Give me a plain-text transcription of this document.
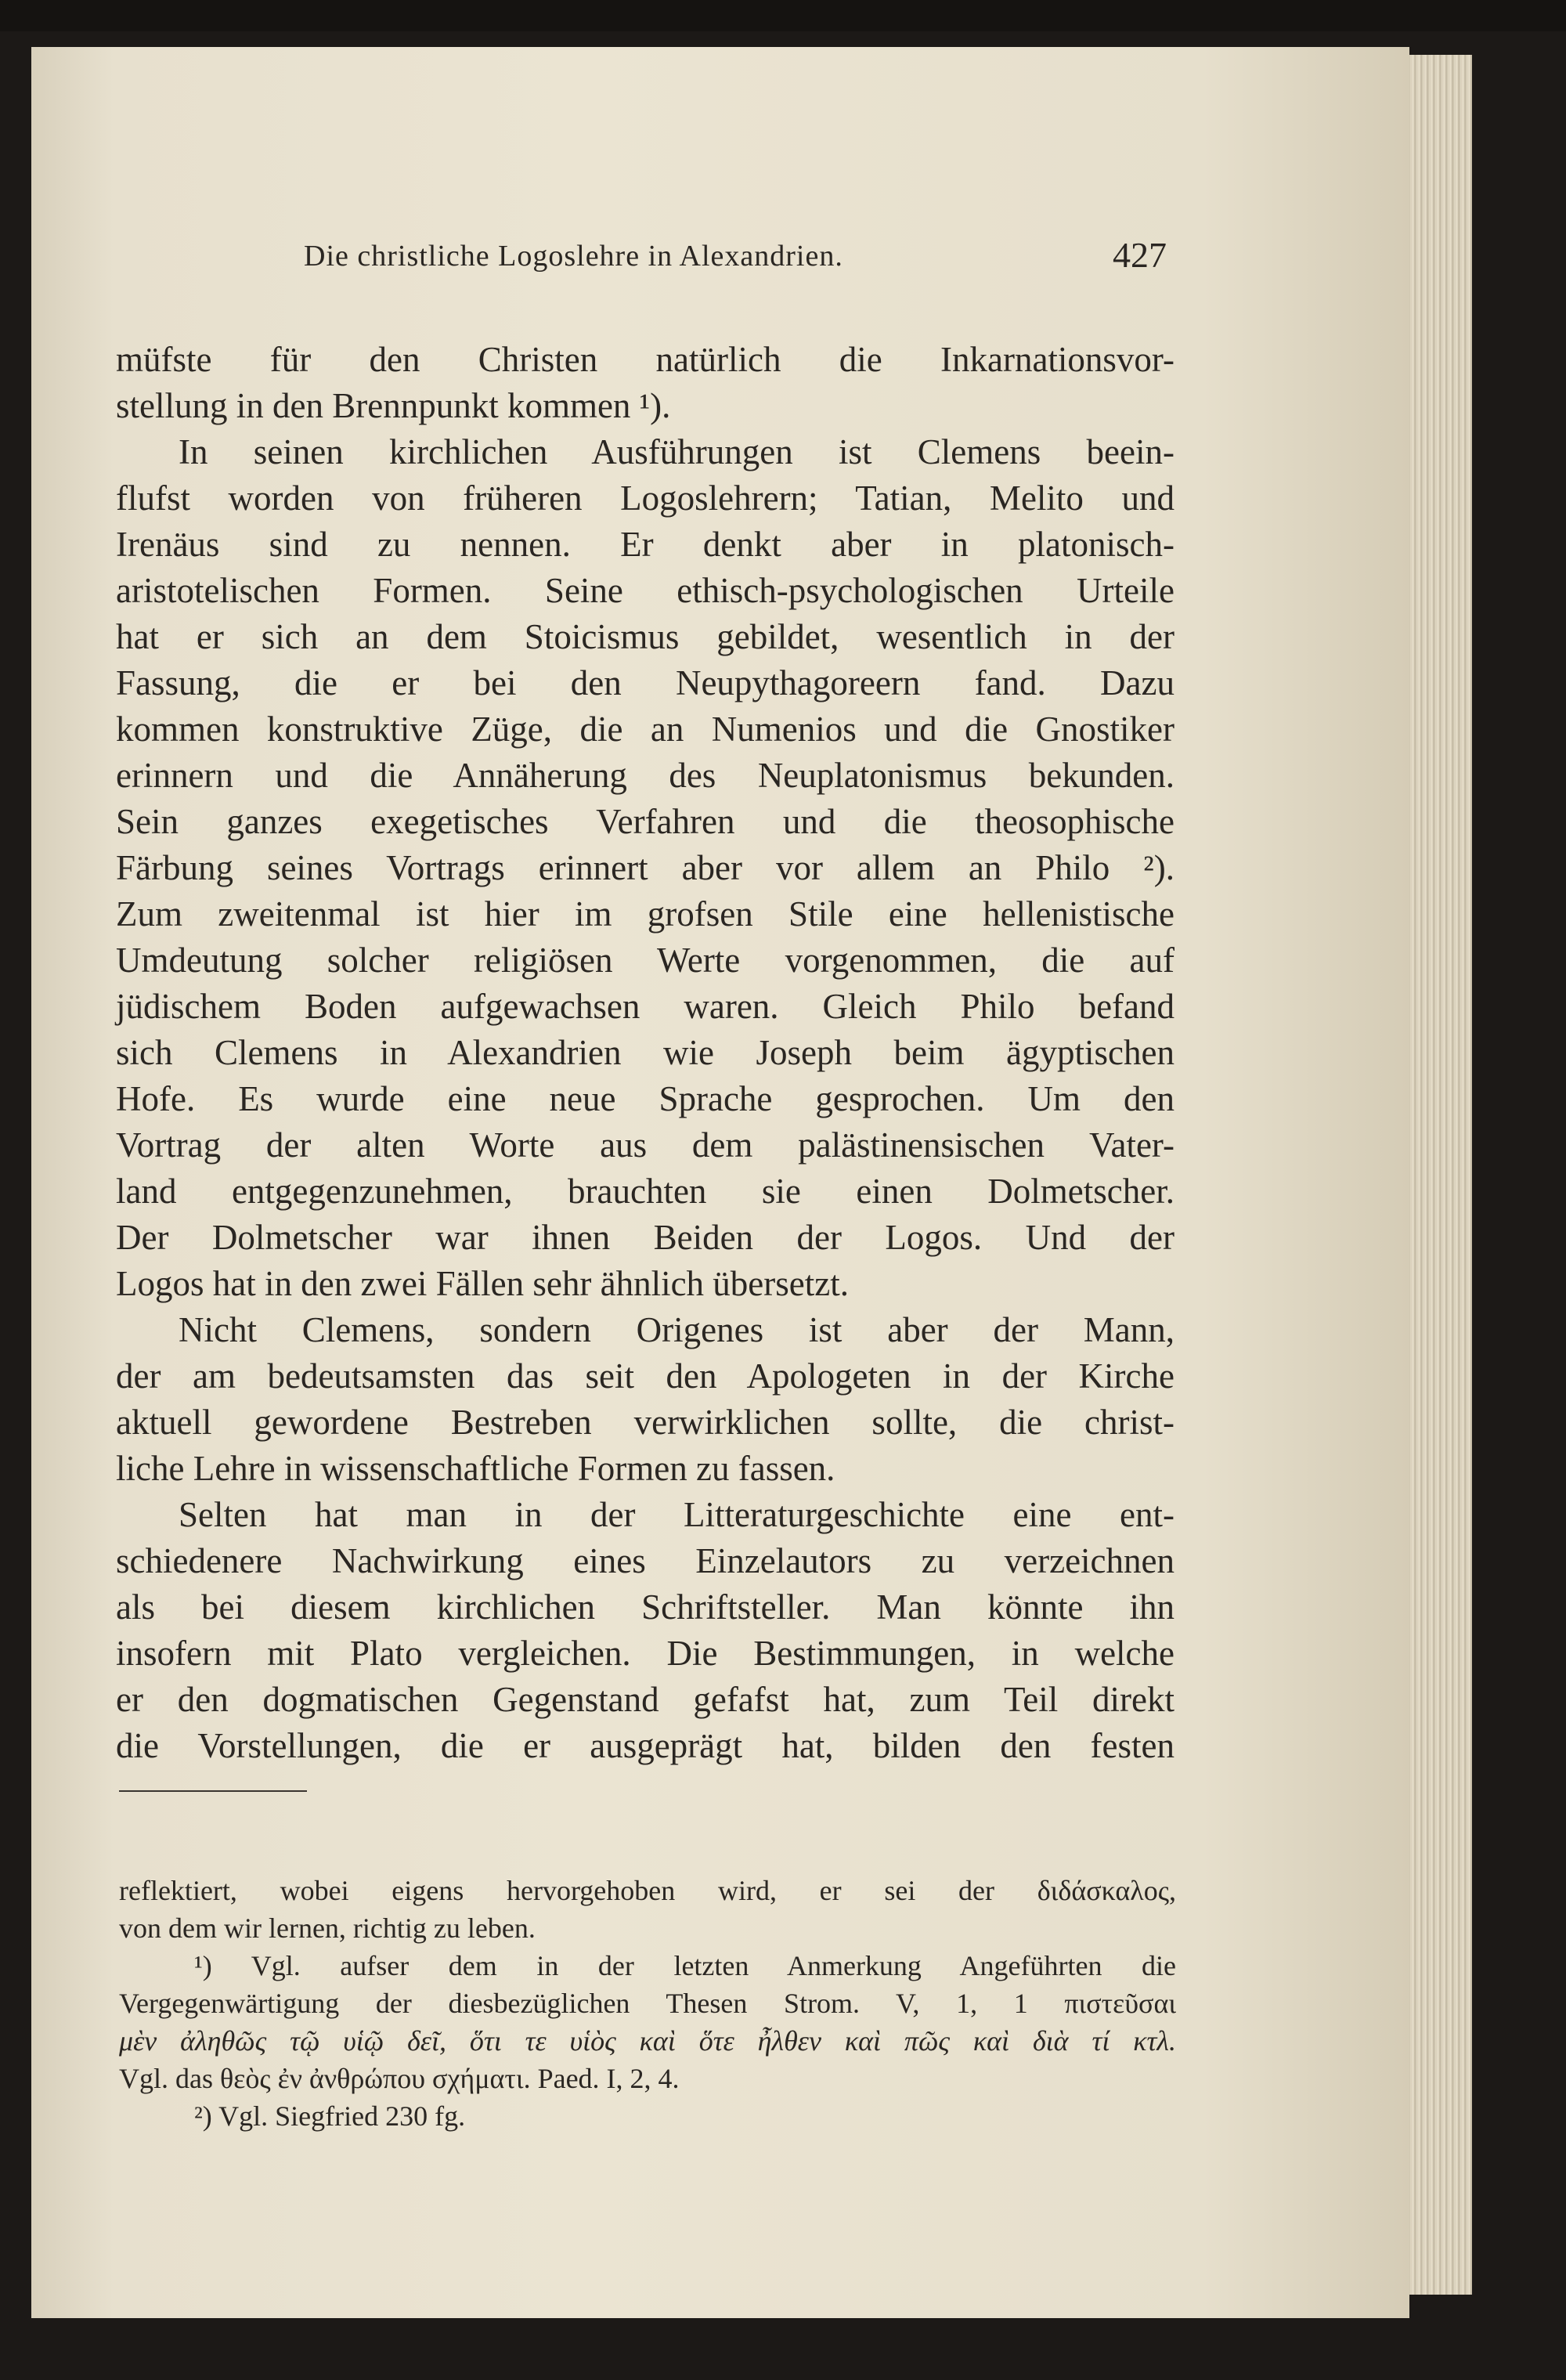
Die christliche Logoslehre in Alexandrien.	427
müfste für den Christen natürlich die Inkarnationsvor-
stellung in den Brennpunkt kommen ¹).
In seinen kirchlichen Ausführungen ist Clemens beein-
flufst worden von früheren Logoslehrern; Tatian, Melito und
Irenäus sind zu nennen. Er denkt aber in platonisch-
aristotelischen Formen. Seine ethisch-psychologischen Urteile
hat er sich an dem Stoicismus gebildet, wesentlich in der
Fassung, die er bei den Neupythagoreern fand. Dazu
kommen konstruktive Züge, die an Numenios und die Gnostiker
erinnern und die Annäherung des Neuplatonismus bekunden.
Sein ganzes exegetisches Verfahren und die theosophische
Färbung seines Vortrags erinnert aber vor allem an Philo ²).
Zum zweitenmal ist hier im grofsen Stile eine hellenistische
Umdeutung solcher religiösen Werte vorgenommen, die auf
jüdischem Boden aufgewachsen waren. Gleich Philo befand
sich Clemens in Alexandrien wie Joseph beim ägyptischen
Hofe. Es wurde eine neue Sprache gesprochen. Um den
Vortrag der alten Worte aus dem palästinensischen Vater-
land entgegenzunehmen, brauchten sie einen Dolmetscher.
Der Dolmetscher war ihnen Beiden der Logos. Und der
Logos hat in den zwei Fällen sehr ähnlich übersetzt.
Nicht Clemens, sondern Origenes ist aber der Mann,
der am bedeutsamsten das seit den Apologeten in der Kirche
aktuell gewordene Bestreben verwirklichen sollte, die christ-
liche Lehre in wissenschaftliche Formen zu fassen.
Selten hat man in der Litteraturgeschichte eine ent-
schiedenere Nachwirkung eines Einzelautors zu verzeichnen
als bei diesem kirchlichen Schriftsteller. Man könnte ihn
insofern mit Plato vergleichen. Die Bestimmungen, in welche
er den dogmatischen Gegenstand gefafst hat, zum Teil direkt
die Vorstellungen, die er ausgeprägt hat, bilden den festen
reflektiert, wobei eigens hervorgehoben wird, er sei der διδάσκαλος,
von dem wir lernen, richtig zu leben.
¹) Vgl. aufser dem in der letzten Anmerkung Angeführten die
Vergegenwärtigung der diesbezüglichen Thesen Strom. V, 1, 1 πιστεῦσαι
μὲν ἀληθῶς τῷ υἱῷ δεῖ, ὅτι τε υἱὸς καὶ ὅτε ἦλθεν καὶ πῶς καὶ διὰ τί κτλ.
Vgl. das θεὸς ἐν ἀνθρώπου σχήματι. Paed. I, 2, 4.
²) Vgl. Siegfried 230 fg.
